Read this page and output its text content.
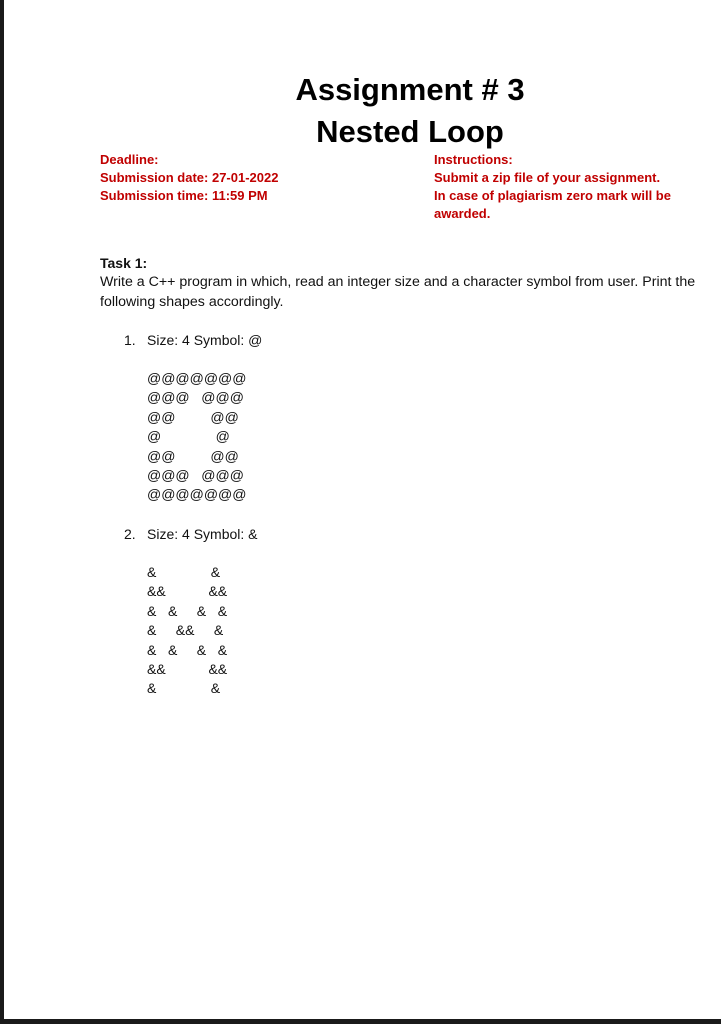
Assignment # 3
Nested Loop
Deadline:
Submission date: 27-01-2022
Submission time: 11:59 PM
Instructions:
Submit a zip file of your assignment.
In case of plagiarism zero mark will be
awarded.
Task 1:
Write a C++ program in which, read an integer size and a character symbol from user. Print the following shapes accordingly.
1. Size: 4 Symbol: @
@@@@@@@
@@@   @@@
@@         @@
@              @
@@         @@
@@@   @@@
@@@@@@@
2. Size: 4 Symbol: &
&              &
&&           &&
&   &     &   &
&     &&     &
&   &     &   &
&&           &&
&              &
